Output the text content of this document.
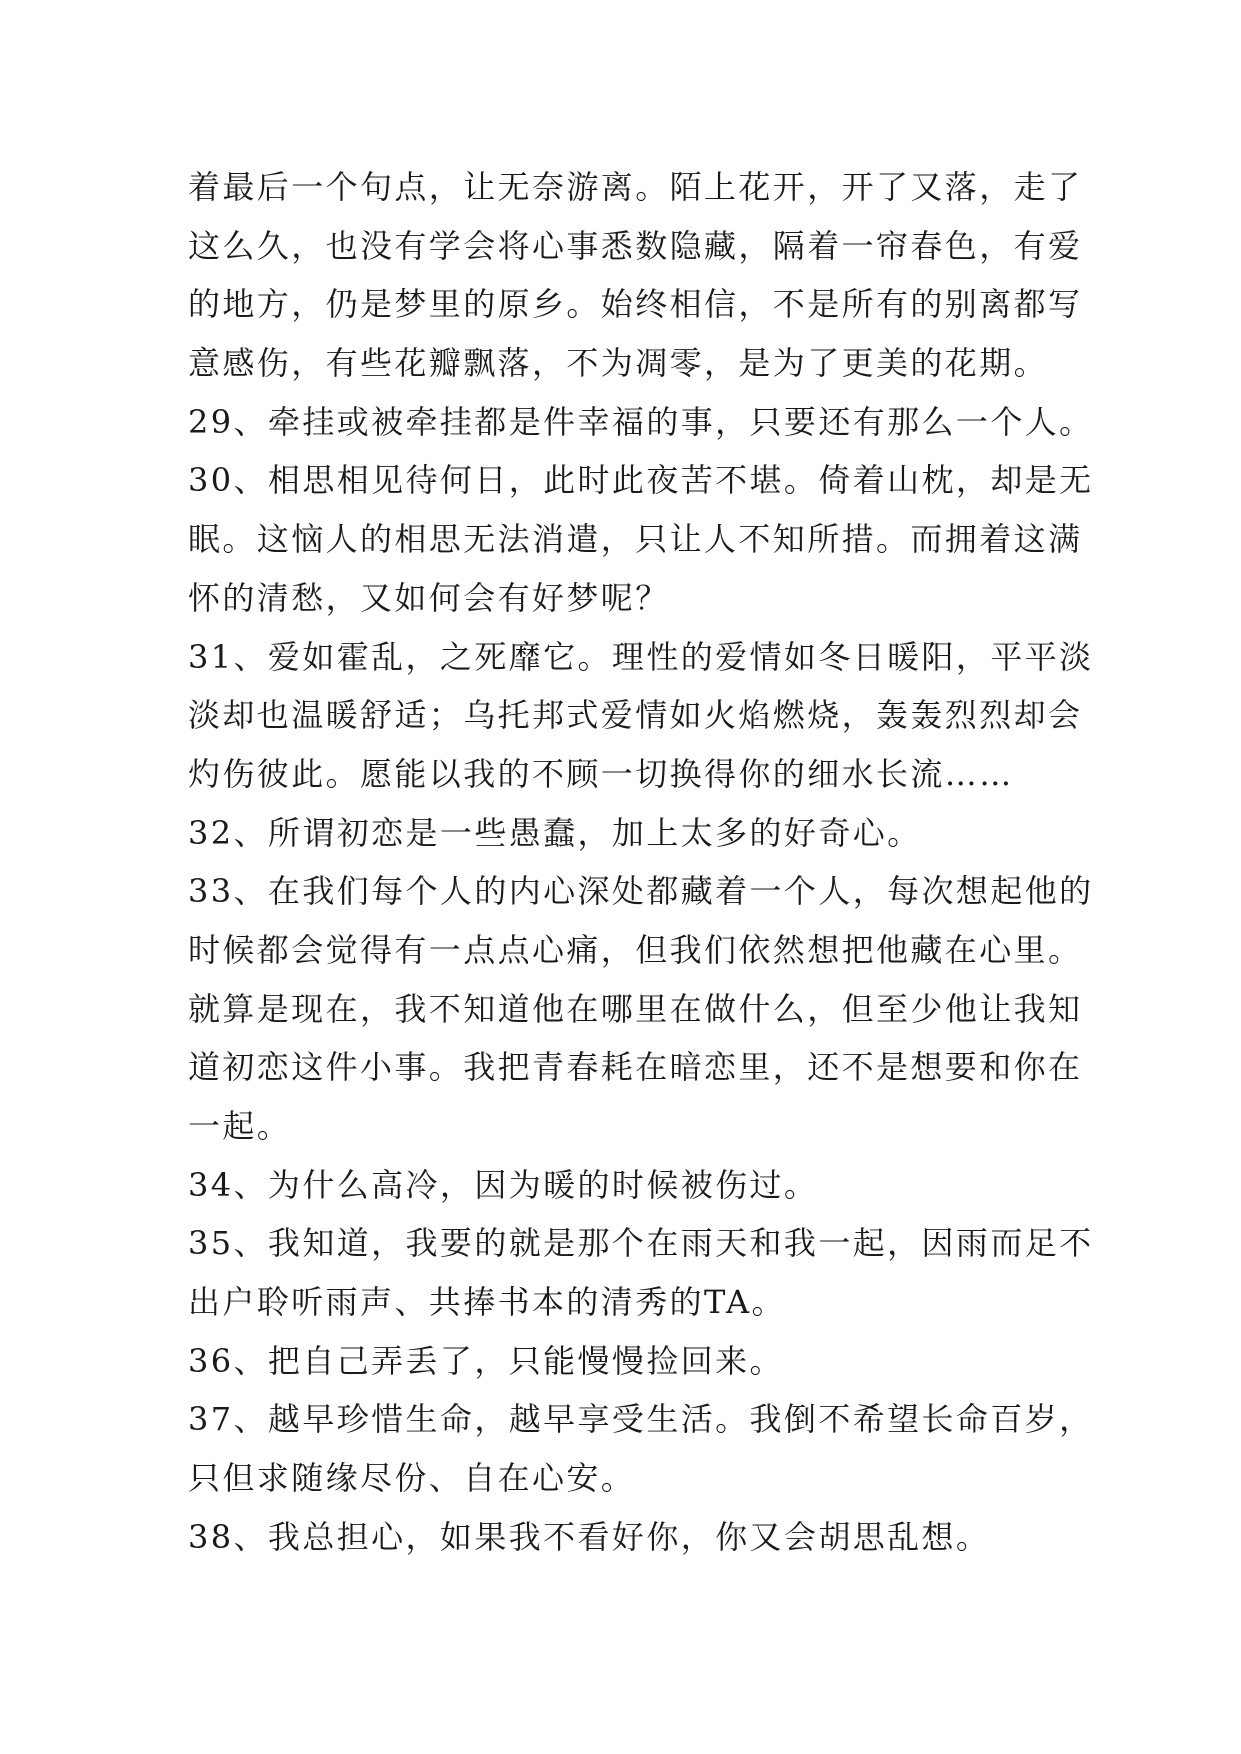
着最后一个句点，让无奈游离。陌上花开，开了又落，走了
这么久，也没有学会将心事悉数隐藏，隔着一帘春色，有爱
的地方，仍是梦里的原乡。始终相信，不是所有的别离都写
意感伤，有些花瓣飘落，不为凋零，是为了更美的花期。
29、牵挂或被牵挂都是件幸福的事，只要还有那么一个人。
30、相思相见待何日，此时此夜苦不堪。倚着山枕，却是无
眠。这恼人的相思无法消遣，只让人不知所措。而拥着这满
怀的清愁，又如何会有好梦呢？
31、爱如霍乱，之死靡它。理性的爱情如冬日暖阳，平平淡
淡却也温暖舒适；乌托邦式爱情如火焰燃烧，轰轰烈烈却会
灼伤彼此。愿能以我的不顾一切换得你的细水长流……
32、所谓初恋是一些愚蠢，加上太多的好奇心。
33、在我们每个人的内心深处都藏着一个人，每次想起他的
时候都会觉得有一点点心痛，但我们依然想把他藏在心里。
就算是现在，我不知道他在哪里在做什么，但至少他让我知
道初恋这件小事。我把青春耗在暗恋里，还不是想要和你在
一起。
34、为什么高冷，因为暖的时候被伤过。
35、我知道，我要的就是那个在雨天和我一起，因雨而足不
出户聆听雨声、共捧书本的清秀的TA。
36、把自己弄丢了，只能慢慢捡回来。
37、越早珍惜生命，越早享受生活。我倒不希望长命百岁，
只但求随缘尽份、自在心安。
38、我总担心，如果我不看好你，你又会胡思乱想。
